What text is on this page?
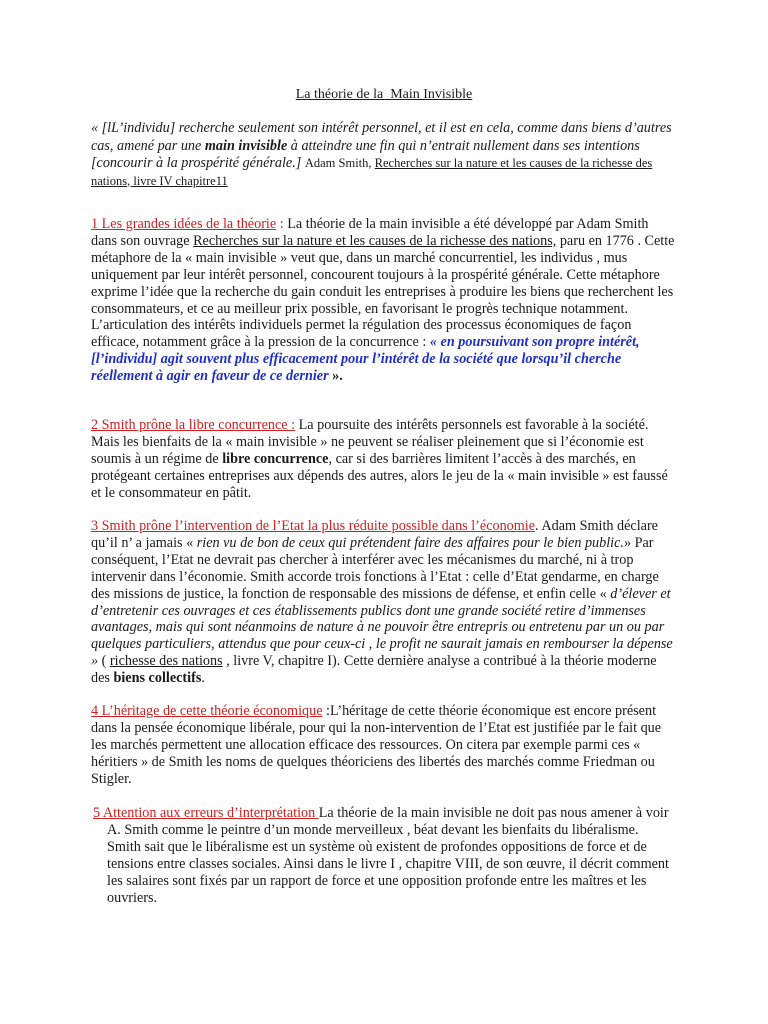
La théorie de la  Main Invisible
« [lL’individu] recherche seulement son intérêt personnel, et il est en cela, comme dans biens d’autres cas, amené par une main invisible à atteindre une fin qui n’entrait nullement dans ses intentions [concourir à la prospérité générale.] Adam Smith, Recherches sur la nature et les causes de la richesse des nations, livre IV chapitre11
1 Les grandes idées de la théorie : La théorie de la main invisible a été développé par Adam Smith dans son ouvrage Recherches sur la nature et les causes de la richesse des nations, paru en 1776 . Cette métaphore de la « main invisible » veut que, dans un marché concurrentiel, les individus , mus uniquement par leur intérêt personnel, concourent toujours à la prospérité générale. Cette métaphore exprime l’idée que la recherche du gain conduit les entreprises à produire les biens que recherchent les consommateurs, et ce au meilleur prix possible, en favorisant le progrès technique notamment. L’articulation des intérêts individuels permet la régulation des processus économiques de façon efficace, notamment grâce à la pression de la concurrence : « en poursuivant son propre intérêt, [l’individu] agit souvent plus efficacement pour l’intérêt de la société que lorsqu’il cherche réellement à agir en faveur de ce dernier ».
2 Smith prône la libre concurrence : La poursuite des intérêts personnels est favorable à la société. Mais les bienfaits de la « main invisible » ne peuvent se réaliser pleinement que si l’économie est soumis à un régime de libre concurrence, car si des barrières limitent l’accès à des marchés, en protégeant certaines entreprises aux dépends des autres, alors le jeu de la « main invisible » est faussé et le consommateur en pâtit.
3 Smith prône l’intervention de l’Etat la plus réduite possible dans l’économie. Adam Smith déclare qu’il n’ a jamais « rien vu de bon de ceux qui prétendent faire des affaires pour le bien public.» Par conséquent, l’Etat ne devrait pas chercher à interférer avec les mécanismes du marché, ni à trop intervenir dans l’économie. Smith accorde trois fonctions à l’Etat : celle d’Etat gendarme, en charge des missions de justice, la fonction de responsable des missions de défense, et enfin celle « d’élever et d’entretenir ces ouvrages et ces établissements publics dont une grande société retire d’immenses avantages, mais qui sont néanmoins de nature à ne pouvoir être entrepris ou entretenu par un ou par quelques particuliers, attendus que pour ceux-ci , le profit ne saurait jamais en rembourser la dépense » ( richesse des nations , livre V, chapitre I). Cette dernière analyse a contribué à la théorie moderne des biens collectifs.
4 L’héritage de cette théorie économique :L’héritage de cette théorie économique est encore présent dans la pensée économique libérale, pour qui la non-intervention de l’Etat est justifiée par le fait que les marchés permettent une allocation efficace des ressources. On citera par exemple parmi ces « héritiers » de Smith les noms de quelques théoriciens des libertés des marchés comme Friedman ou Stigler.
5 Attention aux erreurs d’interprétation La théorie de la main invisible ne doit pas nous amener à voir A. Smith comme le peintre d’un monde merveilleux , béat devant les bienfaits du libéralisme. Smith sait que le libéralisme est un système où existent de profondes oppositions de force et de tensions entre classes sociales. Ainsi dans le livre I , chapitre VIII, de son œuvre, il décrit comment les salaires sont fixés par un rapport de force et une opposition profonde entre les maîtres et les ouvriers.
